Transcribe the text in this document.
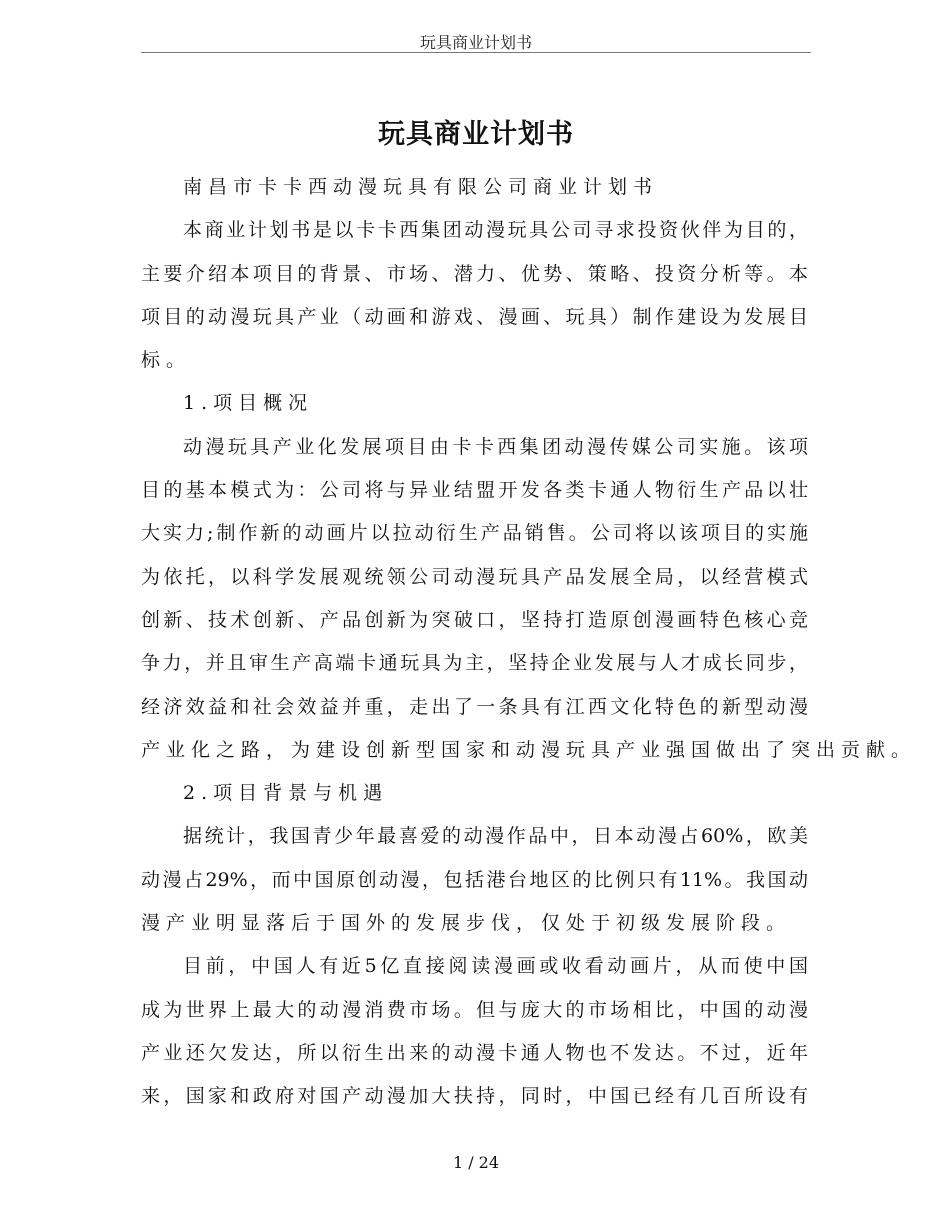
玩具商业计划书
玩具商业计划书
南昌市卡卡西动漫玩具有限公司商业计划书
本商业计划书是以卡卡西集团动漫玩具公司寻求投资伙伴为目的，
主要介绍本项目的背景、市场、潜力、优势、策略、投资分析等。本
项目的动漫玩具产业（动画和游戏、漫画、玩具）制作建设为发展目
标。
1.项目概况
动漫玩具产业化发展项目由卡卡西集团动漫传媒公司实施。该项
目的基本模式为：公司将与异业结盟开发各类卡通人物衍生产品以壮
大实力;制作新的动画片以拉动衍生产品销售。公司将以该项目的实施
为依托，以科学发展观统领公司动漫玩具产品发展全局，以经营模式
创新、技术创新、产品创新为突破口，坚持打造原创漫画特色核心竞
争力，并且审生产高端卡通玩具为主，坚持企业发展与人才成长同步，
经济效益和社会效益并重，走出了一条具有江西文化特色的新型动漫
产业化之路，为建设创新型国家和动漫玩具产业强国做出了突出贡献。
2.项目背景与机遇
据统计，我国青少年最喜爱的动漫作品中，日本动漫占60%，欧美
动漫占29%，而中国原创动漫，包括港台地区的比例只有11%。我国动
漫产业明显落后于国外的发展步伐，仅处于初级发展阶段。
目前，中国人有近5亿直接阅读漫画或收看动画片，从而使中国
成为世界上最大的动漫消费市场。但与庞大的市场相比，中国的动漫
产业还欠发达，所以衍生出来的动漫卡通人物也不发达。不过，近年
来，国家和政府对国产动漫加大扶持，同时，中国已经有几百所设有
1 / 24
